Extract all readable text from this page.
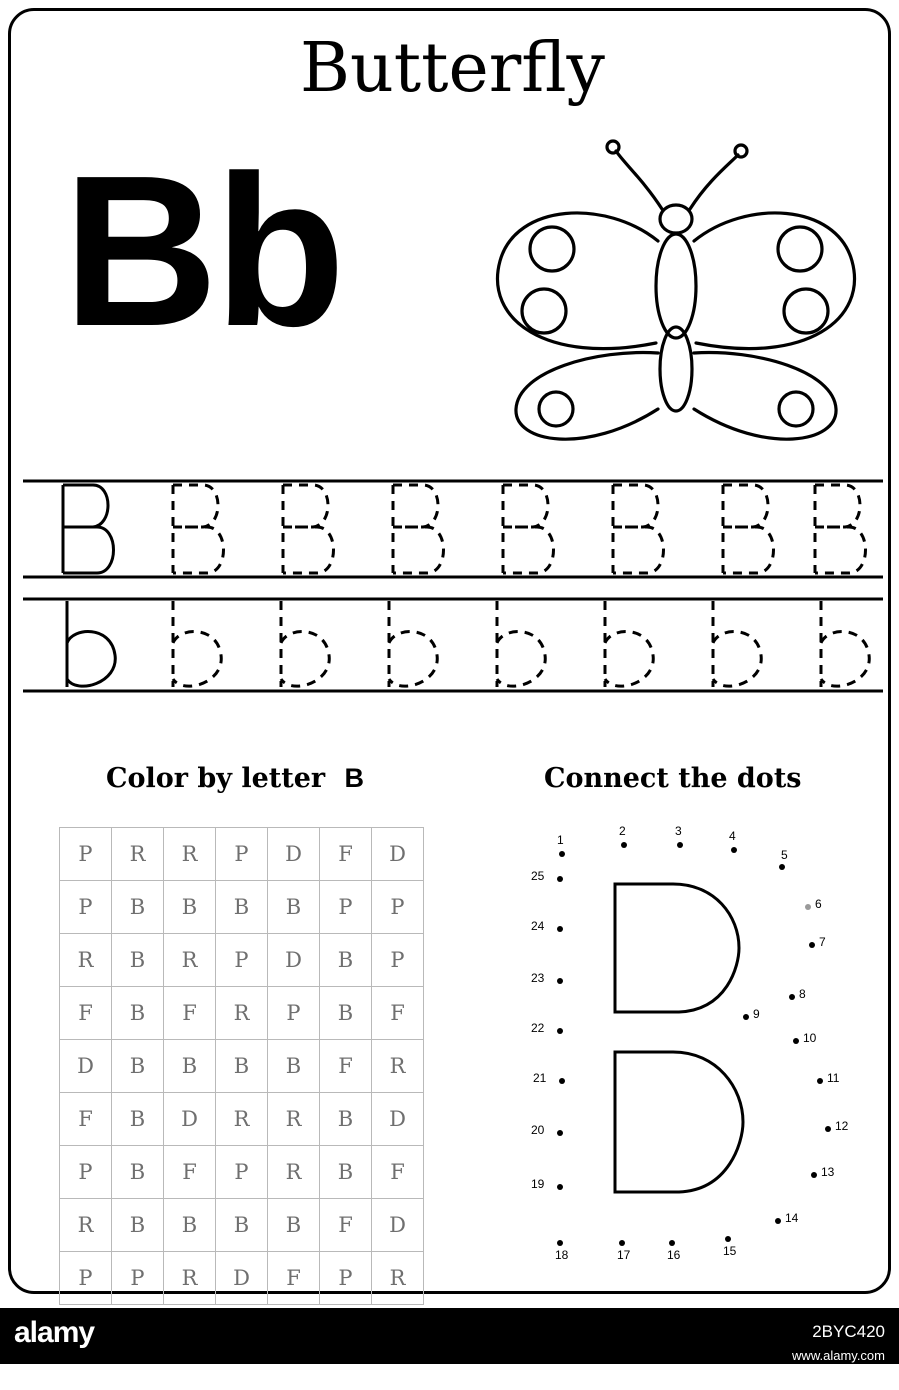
Butterfly
Bb
Color by letter B	Connect the dots
P	R	R	P	D	F	D
P	B	B	B	B	P	P
R	B	R	P	D	B	P
F	B	F	R	P	B	F
D	B	B	B	B	F	R
F	B	D	R	R	B	D
P	B	F	P	R	B	F
R	B	B	B	B	F	D
P	P	R	D	F	P	R
1
2	3	4
5
6
7
8
9
10
11
12
13
14
15
16
17
18
19
20
21
22
23
24
25
alamy	2BYC420
www.alamy.com
